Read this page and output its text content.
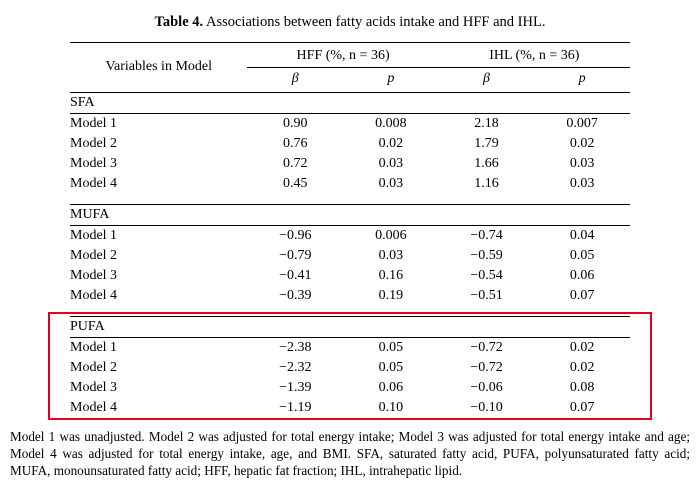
Table 4. Associations between fatty acids intake and HFF and IHL.
Variables in Model	HFF (%, n = 36)		IHL (%, n = 36)	
	β	p	β	p
SFA				
Model 1	0.90	0.008	2.18	0.007
Model 2	0.76	0.02	1.79	0.02
Model 3	0.72	0.03	1.66	0.03
Model 4	0.45	0.03	1.16	0.03

MUFA				
Model 1	−0.96	0.006	−0.74	0.04
Model 2	−0.79	0.03	−0.59	0.05
Model 3	−0.41	0.16	−0.54	0.06
Model 4	−0.39	0.19	−0.51	0.07

PUFA				
Model 1	−2.38	0.05	−0.72	0.02
Model 2	−2.32	0.05	−0.72	0.02
Model 3	−1.39	0.06	−0.06	0.08
Model 4	−1.19	0.10	−0.10	0.07

Model 1 was unadjusted. Model 2 was adjusted for total energy intake; Model 3 was adjusted for total energy intake and age; Model 4 was adjusted for total energy intake, age, and BMI. SFA, saturated fatty acid, PUFA, polyunsaturated fatty acid; MUFA, monounsaturated fatty acid; HFF, hepatic fat fraction; IHL, intrahepatic lipid.
